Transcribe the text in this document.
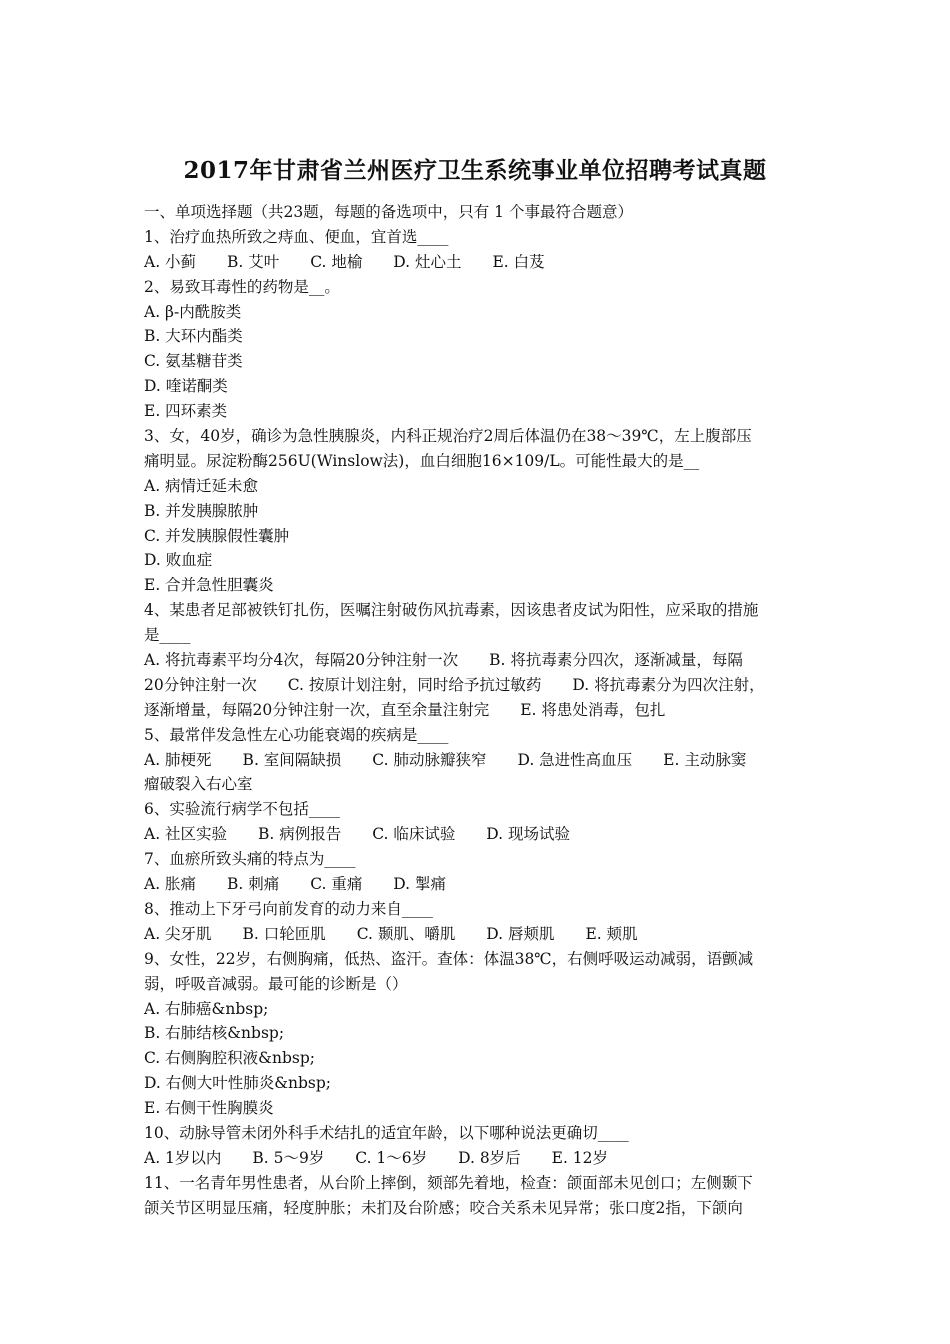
2017年甘肃省兰州医疗卫生系统事业单位招聘考试真题
一、单项选择题（共23题，每题的备选项中，只有 1 个事最符合题意）
1、治疗血热所致之痔血、便血，宜首选____
A. 小蓟 B. 艾叶 C. 地榆 D. 灶心土 E. 白芨
2、易致耳毒性的药物是__。
A. β-内酰胺类
B. 大环内酯类
C. 氨基糖苷类
D. 喹诺酮类
E. 四环素类
3、女，40岁，确诊为急性胰腺炎，内科正规治疗2周后体温仍在38～39℃，左上腹部压
痛明显。尿淀粉酶256U(Winslow法)，血白细胞16×109/L。可能性最大的是__
A. 病情迁延未愈
B. 并发胰腺脓肿
C. 并发胰腺假性囊肿
D. 败血症
E. 合并急性胆囊炎
4、某患者足部被铁钉扎伤，医嘱注射破伤风抗毒素，因该患者皮试为阳性，应采取的措施
是____
A. 将抗毒素平均分4次，每隔20分钟注射一次　　B. 将抗毒素分四次，逐渐减量，每隔
20分钟注射一次　　C. 按原计划注射，同时给予抗过敏药　　D. 将抗毒素分为四次注射，
逐渐增量，每隔20分钟注射一次，直至余量注射完　　E. 将患处消毒，包扎
5、最常伴发急性左心功能衰竭的疾病是____
A. 肺梗死　　B. 室间隔缺损　　C. 肺动脉瓣狭窄　　D. 急进性高血压　　E. 主动脉窦
瘤破裂入右心室
6、实验流行病学不包括____
A. 社区实验 B. 病例报告 C. 临床试验 D. 现场试验
7、血瘀所致头痛的特点为____
A. 胀痛 B. 刺痛 C. 重痛 D. 掣痛
8、推动上下牙弓向前发育的动力来自____
A. 尖牙肌 B. 口轮匝肌 C. 颞肌、嚼肌 D. 唇颊肌 E. 颊肌
9、女性，22岁，右侧胸痛，低热、盗汗。查体：体温38℃，右侧呼吸运动减弱，语颤减
弱，呼吸音减弱。最可能的诊断是（）
A. 右肺癌&nbsp;
B. 右肺结核&nbsp;
C. 右侧胸腔积液&nbsp;
D. 右侧大叶性肺炎&nbsp;
E. 右侧干性胸膜炎
10、动脉导管未闭外科手术结扎的适宜年龄，以下哪种说法更确切____
A. 1岁以内 B. 5～9岁 C. 1～6岁 D. 8岁后 E. 12岁
11、一名青年男性患者，从台阶上摔倒，颏部先着地，检查：颌面部未见创口；左侧颞下
颌关节区明显压痛，轻度肿胀；未扪及台阶感；咬合关系未见异常；张口度2指，下颌向
